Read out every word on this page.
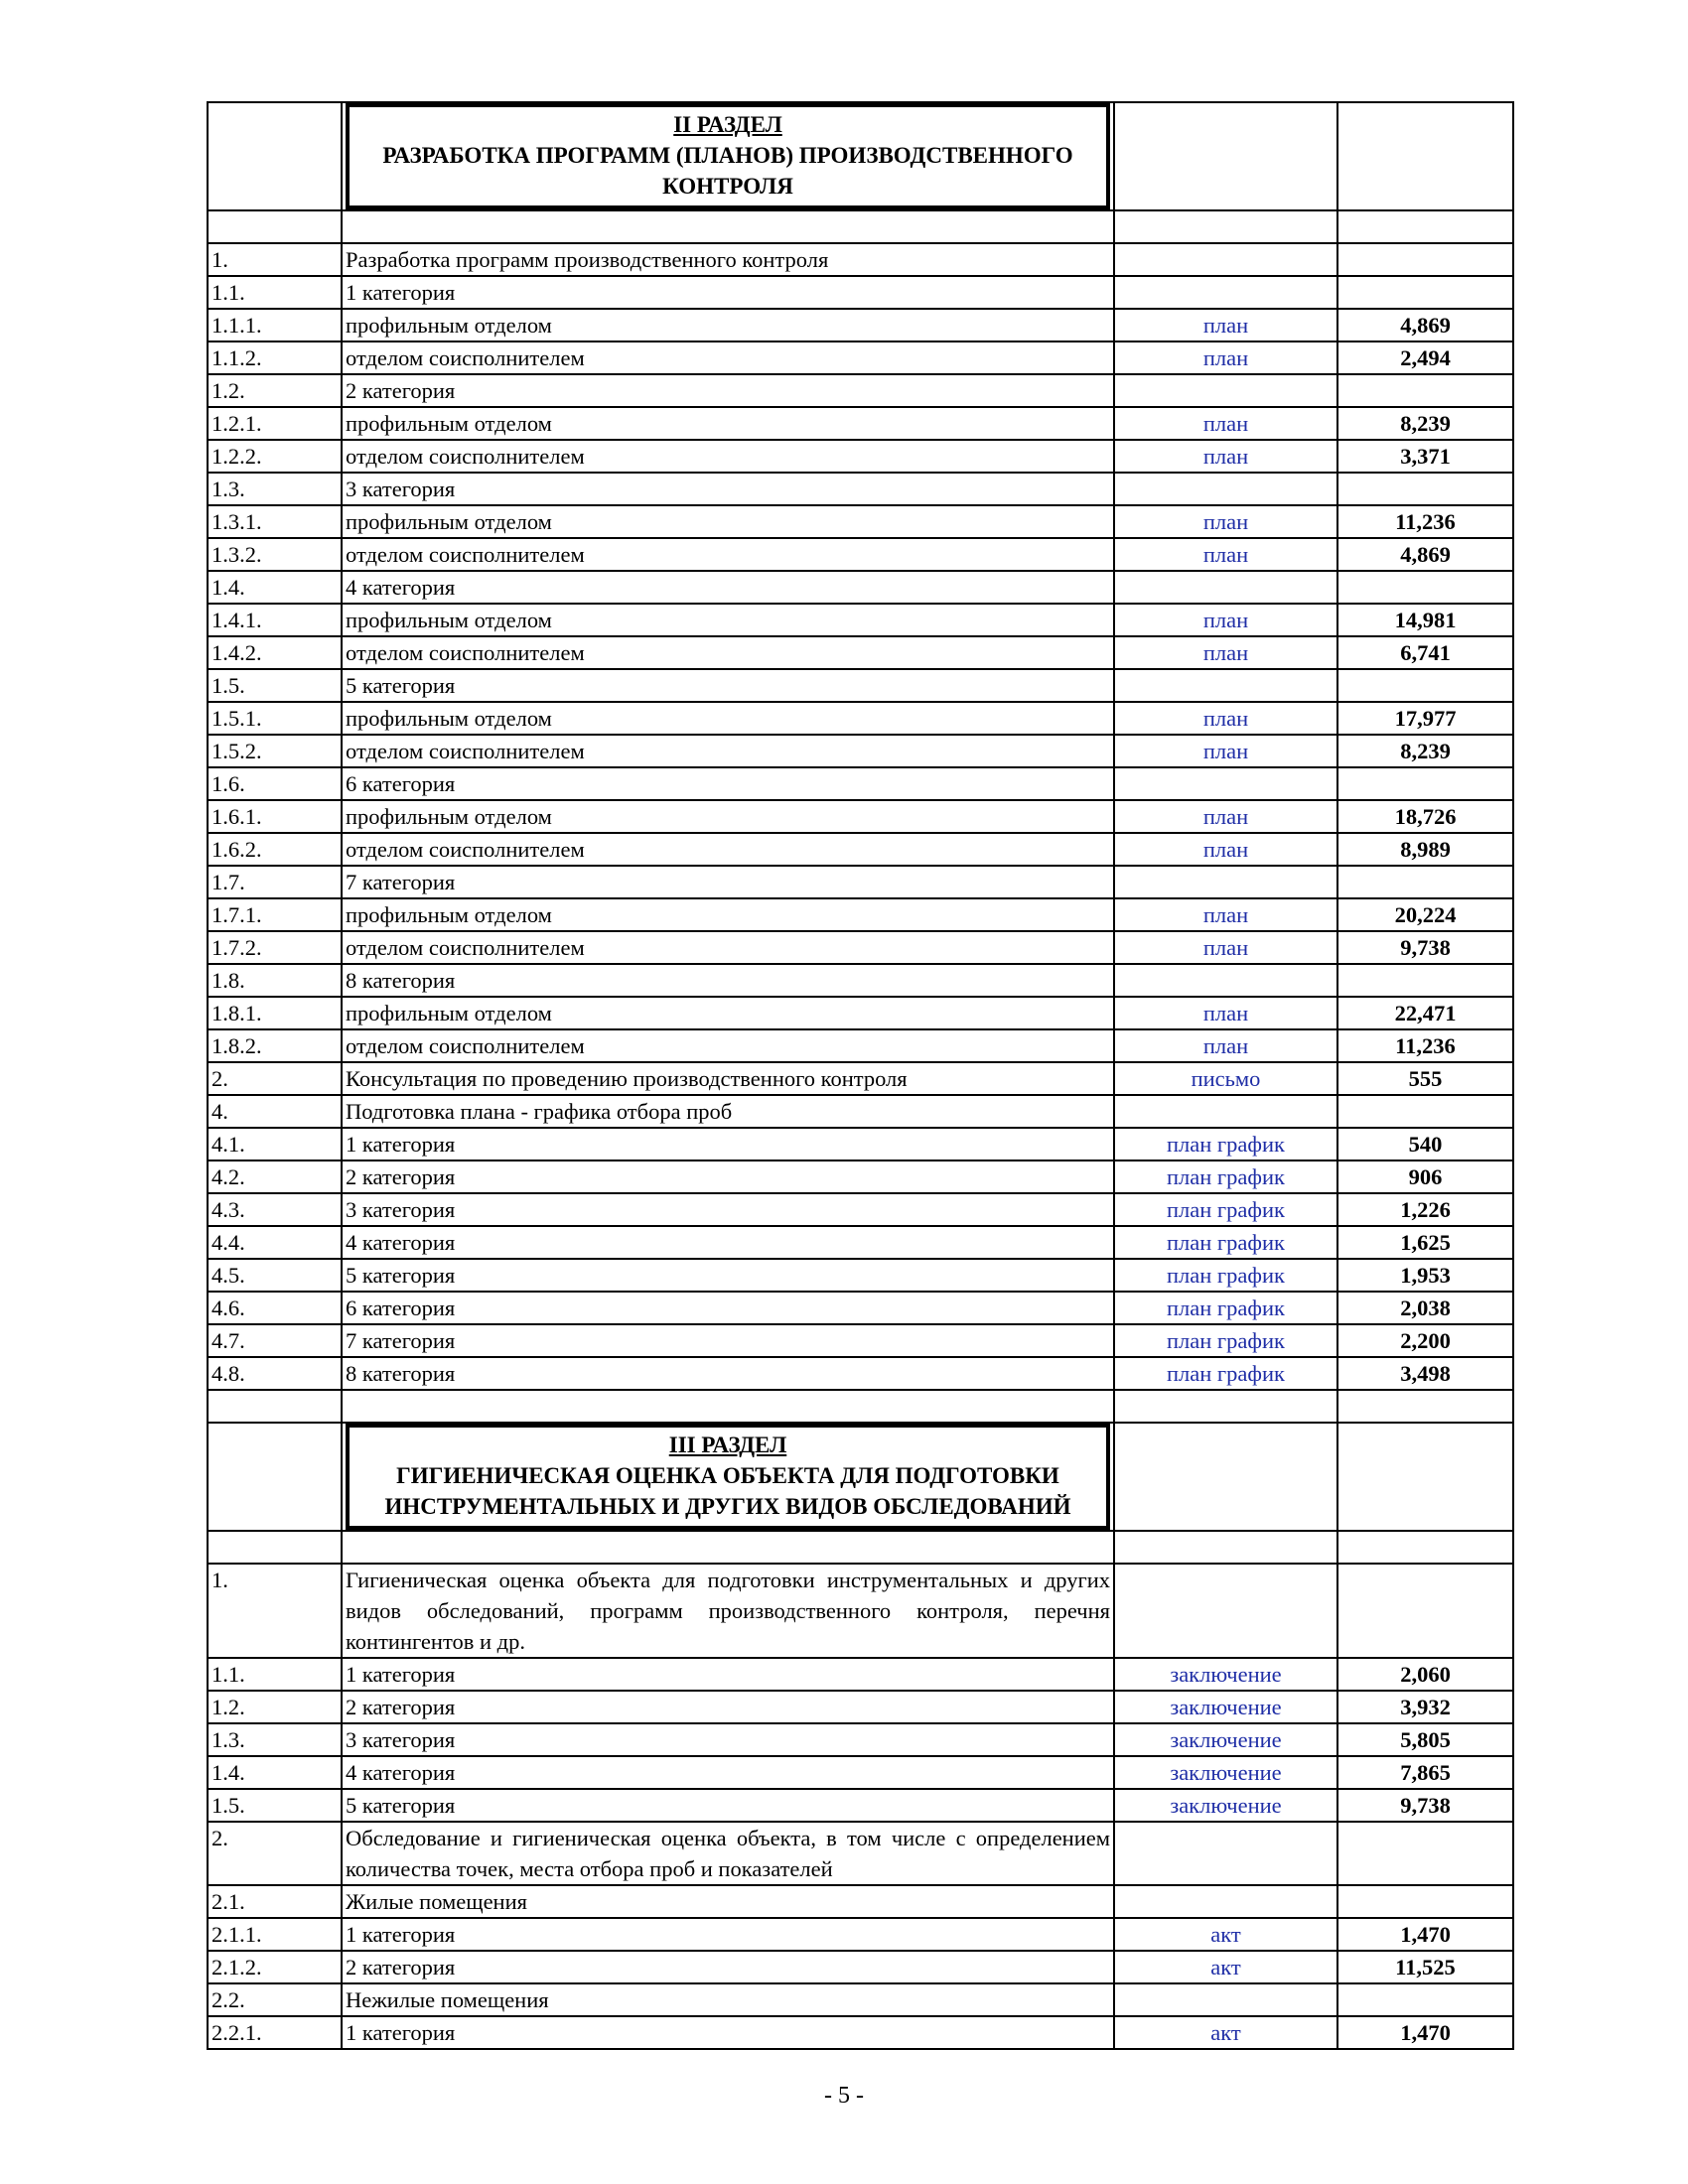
	II РАЗДЕЛ
РАЗРАБОТКА ПРОГРАММ (ПЛАНОВ) ПРОИЗВОДСТВЕННОГО КОНТРОЛЯ		

1.	Разработка программ производственного контроля		
1.1.	1 категория		
1.1.1.	профильным отделом	план	4,869
1.1.2.	отделом соисполнителем	план	2,494
1.2.	2 категория		
1.2.1.	профильным отделом	план	8,239
1.2.2.	отделом соисполнителем	план	3,371
1.3.	3 категория		
1.3.1.	профильным отделом	план	11,236
1.3.2.	отделом соисполнителем	план	4,869
1.4.	4 категория		
1.4.1.	профильным отделом	план	14,981
1.4.2.	отделом соисполнителем	план	6,741
1.5.	5 категория		
1.5.1.	профильным отделом	план	17,977
1.5.2.	отделом соисполнителем	план	8,239
1.6.	6 категория		
1.6.1.	профильным отделом	план	18,726
1.6.2.	отделом соисполнителем	план	8,989
1.7.	7 категория		
1.7.1.	профильным отделом	план	20,224
1.7.2.	отделом соисполнителем	план	9,738
1.8.	8 категория		
1.8.1.	профильным отделом	план	22,471
1.8.2.	отделом соисполнителем	план	11,236
2.	Консультация по проведению производственного контроля	письмо	555
4.	Подготовка плана - графика отбора проб		
4.1.	1 категория	план график	540
4.2.	2 категория	план график	906
4.3.	3 категория	план график	1,226
4.4.	4 категория	план график	1,625
4.5.	5 категория	план график	1,953
4.6.	6 категория	план график	2,038
4.7.	7 категория	план график	2,200
4.8.	8 категория	план график	3,498

	III РАЗДЕЛ
ГИГИЕНИЧЕСКАЯ ОЦЕНКА ОБЪЕКТА ДЛЯ ПОДГОТОВКИ ИНСТРУМЕНТАЛЬНЫХ И ДРУГИХ ВИДОВ ОБСЛЕДОВАНИЙ		

1.	Гигиеническая оценка объекта для подготовки инструментальных и других видов обследований, программ производственного контроля, перечня контингентов и др.		
1.1.	1 категория	заключение	2,060
1.2.	2 категория	заключение	3,932
1.3.	3 категория	заключение	5,805
1.4.	4 категория	заключение	7,865
1.5.	5 категория	заключение	9,738
2.	Обследование и гигиеническая оценка объекта, в том числе с определением количества точек, места отбора проб и показателей		
2.1.	Жилые помещения		
2.1.1.	1 категория	акт	1,470
2.1.2.	2 категория	акт	11,525
2.2.	Нежилые помещения		
2.2.1.	1 категория	акт	1,470
- 5 -
